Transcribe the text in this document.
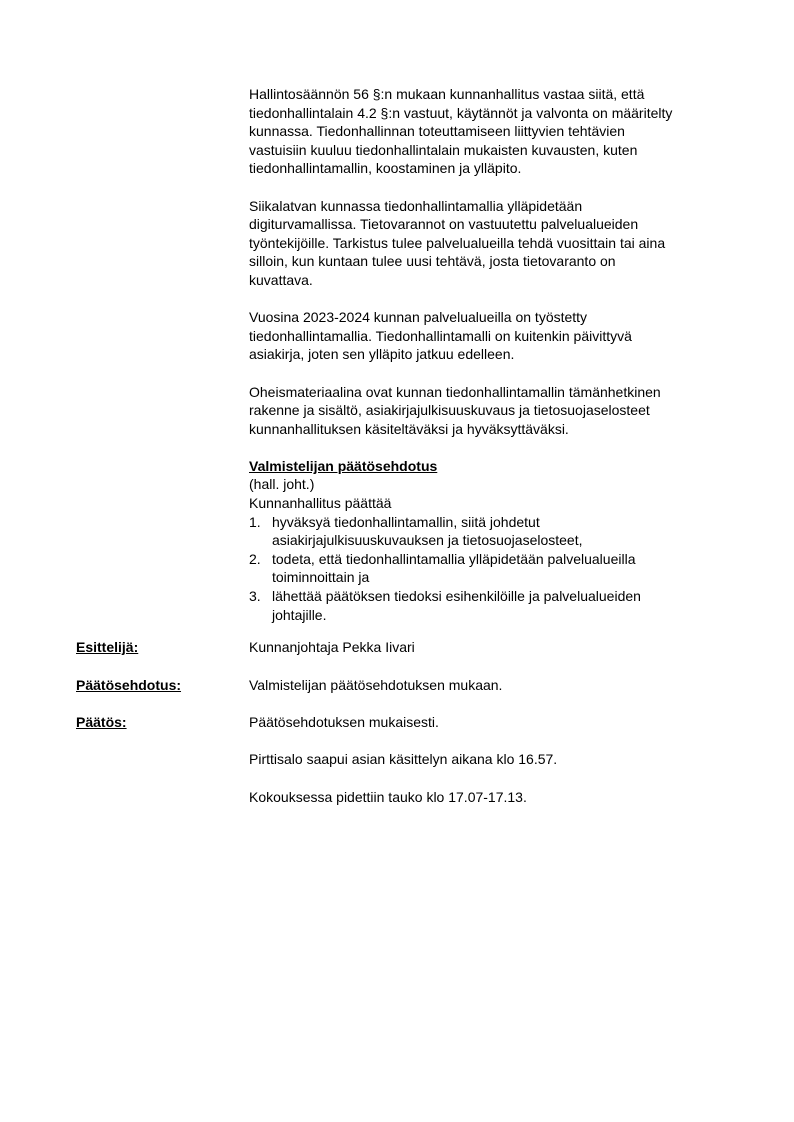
Hallintosäännön 56 §:n mukaan kunnanhallitus vastaa siitä, että
tiedonhallintalain 4.2 §:n vastuut, käytännöt ja valvonta on määritelty
kunnassa. Tiedonhallinnan toteuttamiseen liittyvien tehtävien
vastuisiin kuuluu tiedonhallintalain mukaisten kuvausten, kuten
tiedonhallintamallin, koostaminen ja ylläpito.
Siikalatvan kunnassa tiedonhallintamallia ylläpidetään
digiturvamallissa. Tietovarannot on vastuutettu palvelualueiden
työntekijöille. Tarkistus tulee palvelualueilla tehdä vuosittain tai aina
silloin, kun kuntaan tulee uusi tehtävä, josta tietovaranto on
kuvattava.
Vuosina 2023-2024 kunnan palvelualueilla on työstetty
tiedonhallintamallia. Tiedonhallintamalli on kuitenkin päivittyvä
asiakirja, joten sen ylläpito jatkuu edelleen.
Oheismateriaalina ovat kunnan tiedonhallintamallin tämänhetkinen
rakenne ja sisältö, asiakirjajulkisuuskuvaus ja tietosuojaselosteet
kunnanhallituksen käsiteltäväksi ja hyväksyttäväksi.
Valmistelijan päätösehdotus
(hall. joht.)
Kunnanhallitus päättää
1. hyväksyä tiedonhallintamallin, siitä johdetut
asiakirjajulkisuuskuvauksen ja tietosuojaselosteet,
2. todeta, että tiedonhallintamallia ylläpidetään palvelualueilla
toiminnoittain ja
3. lähettää päätöksen tiedoksi esihenkilöille ja palvelualueiden
johtajille.
Esittelijä:	Kunnanjohtaja Pekka Iivari
Päätösehdotus:	Valmistelijan päätösehdotuksen mukaan.
Päätös:	Päätösehdotuksen mukaisesti.
Pirttisalo saapui asian käsittelyn aikana klo 16.57.
Kokouksessa pidettiin tauko klo 17.07-17.13.
